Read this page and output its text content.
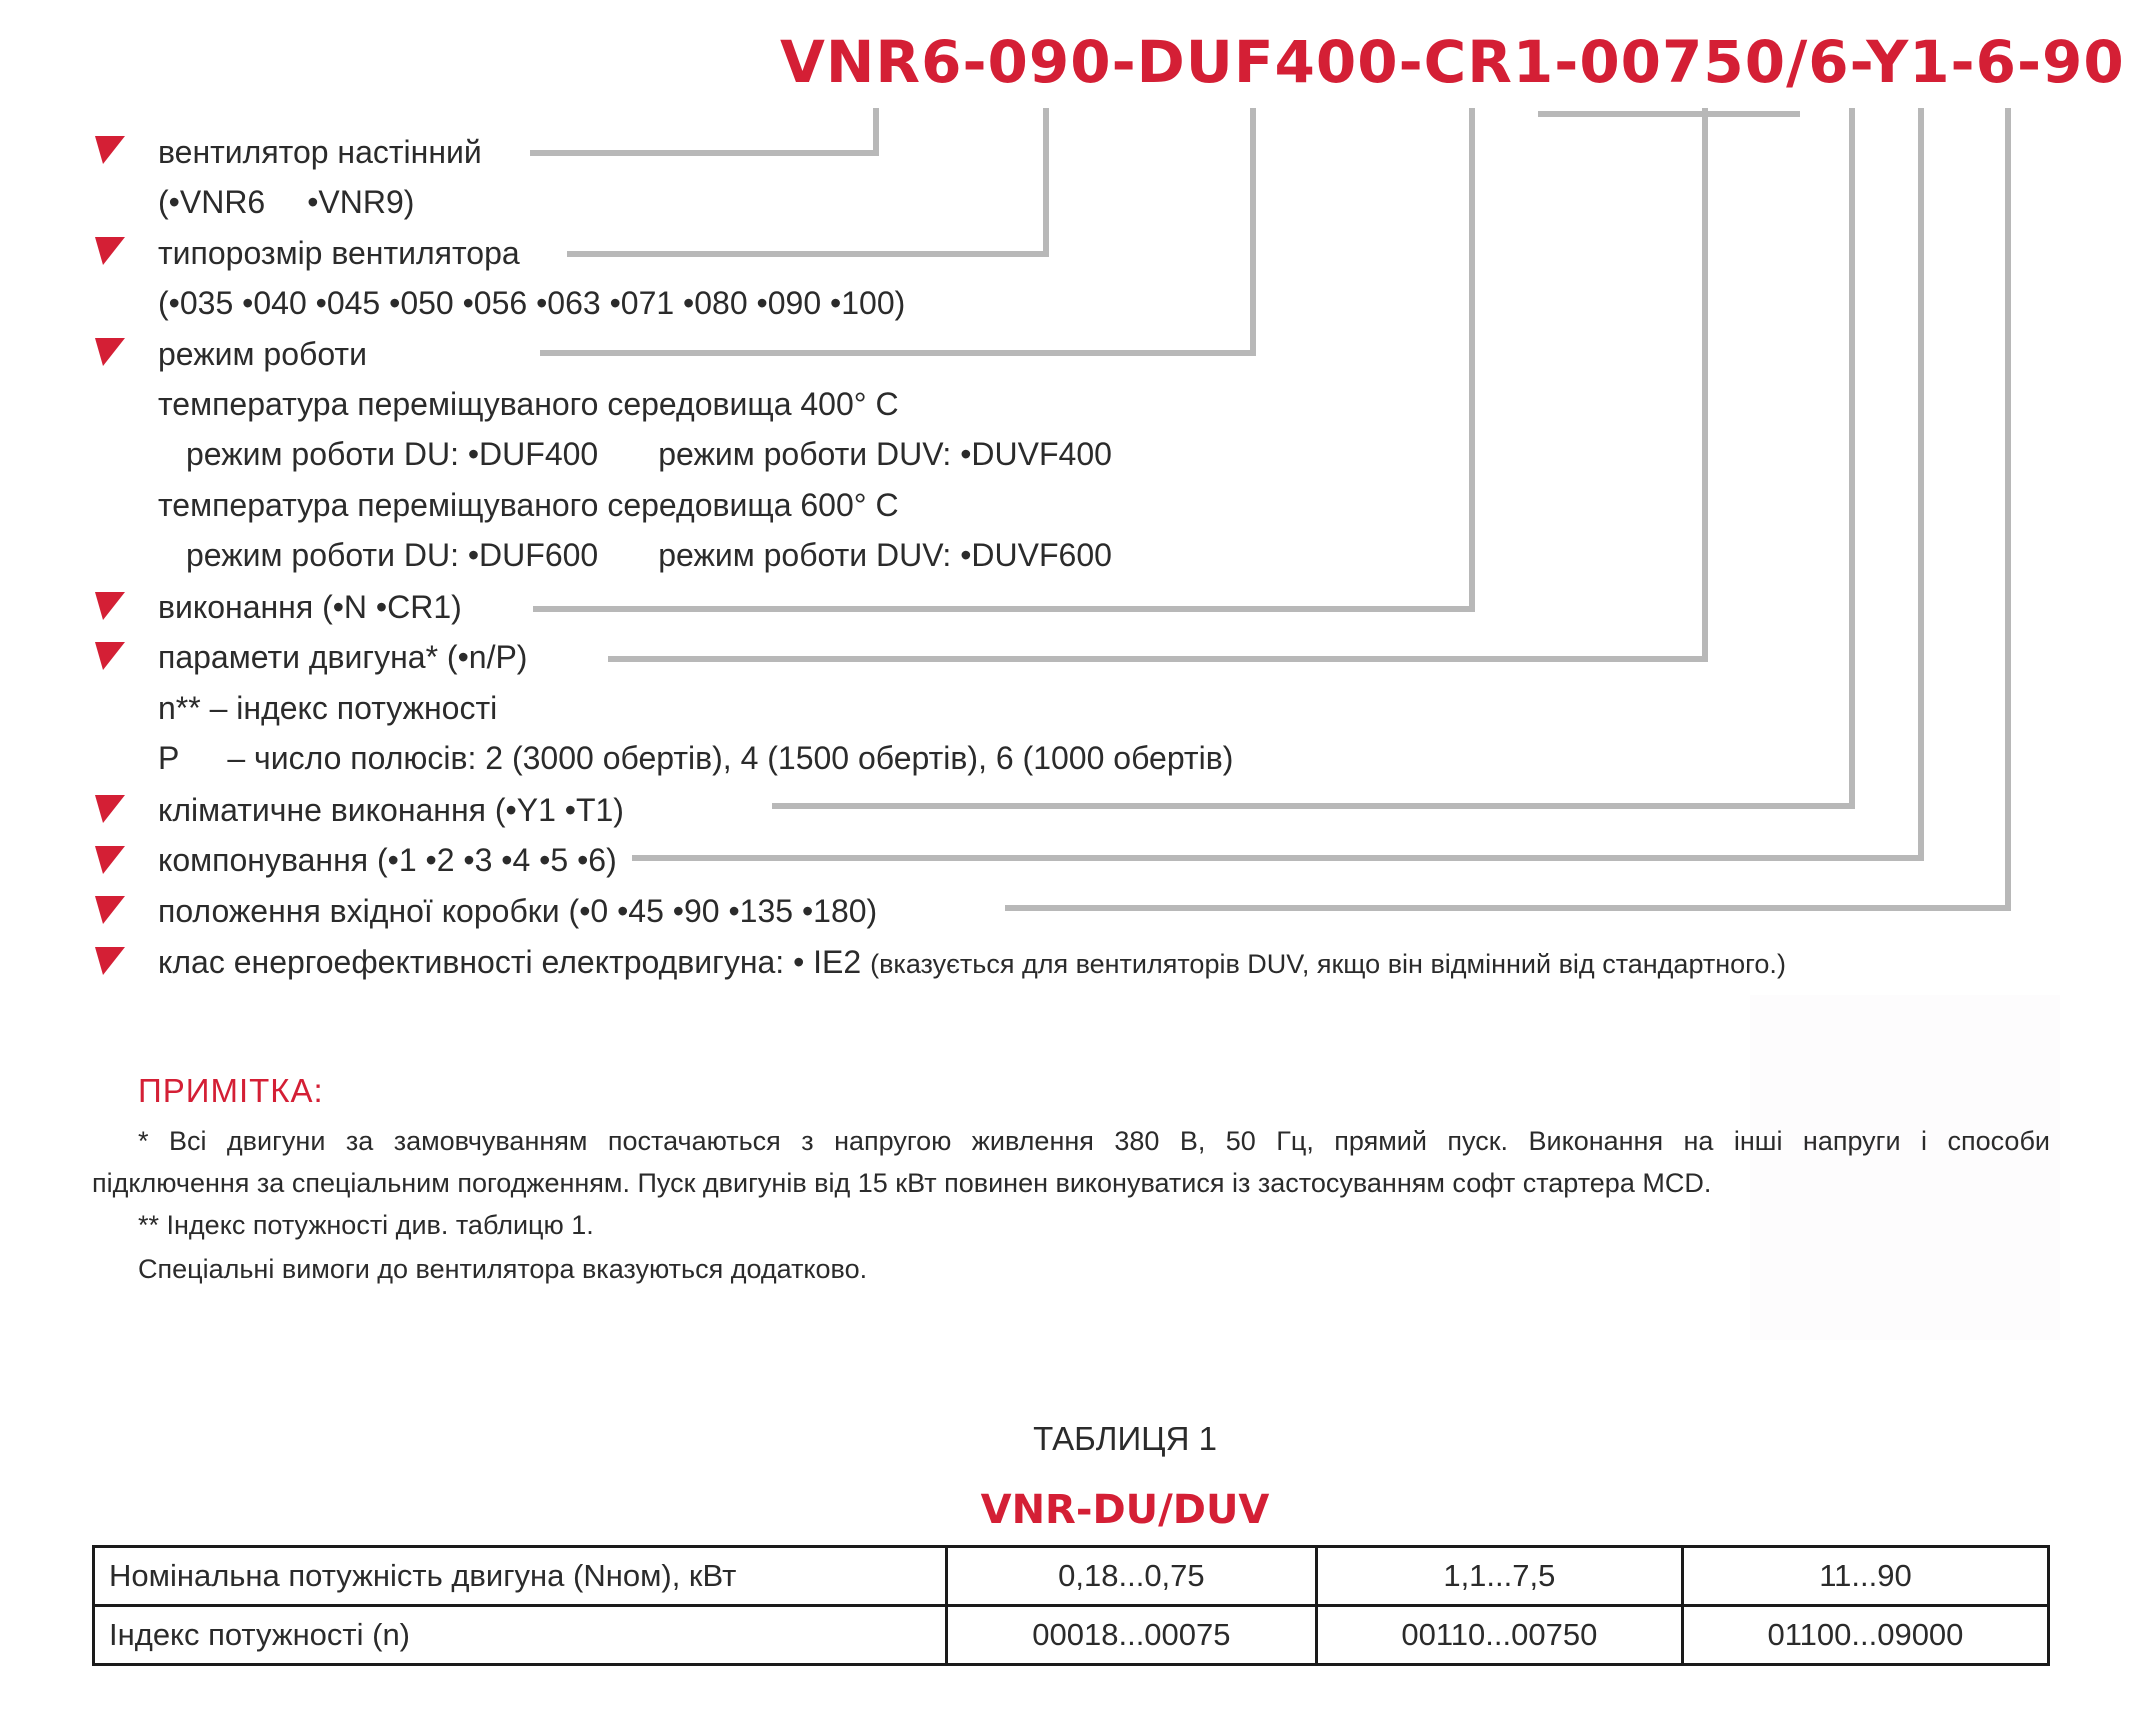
VNR6-090-DUF400-CR1-00750/6-Y1-6-90
вентилятор настінний
(•VNR6 •VNR9)
типорозмір вентилятора
(•035 •040 •045 •050 •056 •063 •071 •080 •090 •100)
режим роботи
температура переміщуваного середовища 400° С
режим роботи DU: •DUF400 режим роботи DUV: •DUVF400
температура переміщуваного середовища 600° С
режим роботи DU: •DUF600 режим роботи DUV: •DUVF600
виконання (•N •CR1)
парамети двигуна* (•n/P)
n** – індекс потужності
P – число полюсів: 2 (3000 обертів), 4 (1500 обертів), 6 (1000 обертів)
кліматичне виконання (•Y1 •T1)
компонування (•1 •2 •3 •4 •5 •6)
положення вхідної коробки (•0 •45 •90 •135 •180)
клас енергоефективності електродвигуна: • IE2 (вказується для вентиляторів DUV, якщо він відмінний від стандартного.)
ПРИМІТКА:
* Всі двигуни за замовчуванням постачаються з напругою живлення 380 В, 50 Гц, прямий пуск. Виконання на інші напруги і способи
підключення за спеціальним погодженням. Пуск двигунів від 15 кВт повинен виконуватися із застосуванням софт стартера MCD.
** Індекс потужності див. таблицю 1.
Спеціальні вимоги до вентилятора вказуються додатково.
ТАБЛИЦЯ 1
VNR-DU/DUV
Номінальна потужність двигуна (Nном), кВт	0,18...0,75	1,1...7,5	11...90
Індекс потужності (n)	00018...00075	00110...00750	01100...09000
